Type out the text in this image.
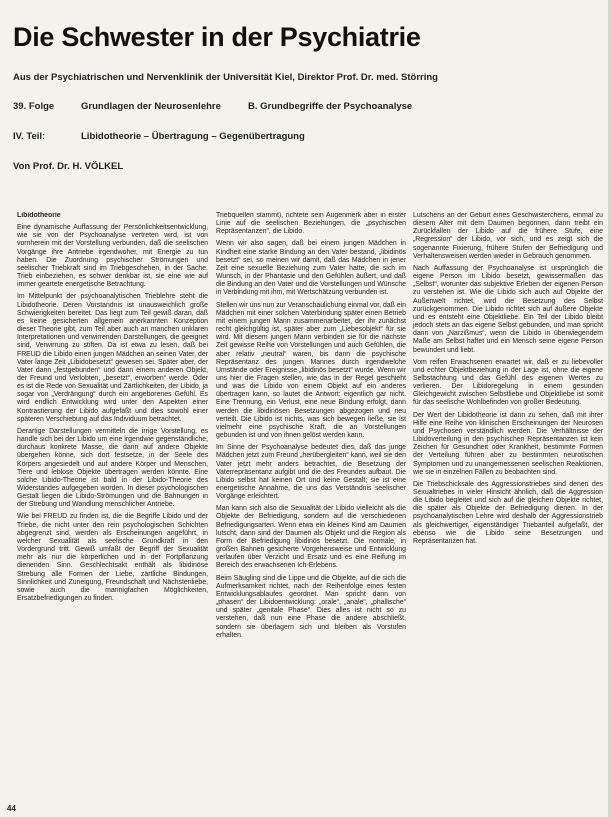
Die Schwester in der Psychiatrie
Aus der Psychiatrischen und Nervenklinik der Universität Kiel, Direktor Prof. Dr. med. Störring
39. Folge	Grundlagen der Neurosenlehre	B. Grundbegriffe der Psychoanalyse
IV. Teil:	Libidotheorie – Übertragung – Gegenübertragung
Von Prof. Dr. H. VÖLKEL

Libidotheorie

Eine dynamische Auffassung der Persönlichkeitsentwicklung, wie sie von der Psychoanalyse vertreten wird, ist von vornherein mit der Vorstellung verbunden, daß die seelischen Vorgänge ihre Antriebe irgendwoher, mit Energie zu tun haben. Die Zuordnung psychischer Strömungen und seelischer Triebkraft sind im Triebgeschehen, in der Sache. Trieb einbeziehen, es schwer denkbar ist, sie eine wie auf immer geartete energetische Betrachtung.

Im Mittelpunkt der psychoanalytischen Trieblehre steht die Libidotheorie. Deren Vorstandnis ist unausweichlich große Schwierigkeiten bereitet. Das liegt zum Teil gewiß daran, daß es keine gesicherten allgemein anerkannten Konzeption dieser Theorie gibt, zum Teil aber auch an manchen unklaren Interpretationen und verwirrenden Darstellungen, die geeignet sind, Verwirrung zu stiften. Da ist etwa zu lesen, daß bei FREUD die Libido einen jungen Mädchen an seinen Vater, der Vater lange Zeit „Libidobesetzt“ gewesen sei. Später aber, der Vater dann „festgebunden“ und dann einem anderen Objekt, der Freund und Verlobten, „besetzt“, erworben“ werde. Oder es ist die Rede von Sexualität und Zärtlichkeiten, der Libido, ja sogar von „Verdrängung“ durch ein angeborenes Gefühl. Es wird endlich Entwicklung wird unter den Aspekten einer Kontrastierung der Libido aufgefaßt und dies sowohl einer späteren Verschiebung auf das Individuum betrachtet.

Derartige Darstellungen vermitteln die irrige Vorstellung, es handle sich bei der Libido um eine irgendwie gegenständliche, durchaus konkrete Masse, die dann auf andere Objekte übergehen könne, sich dort festsetze, in der Seele des Körpers angesiedelt und auf andere Körper und Menschen, Tiere und leblose Objekte übertragen werden könnte. Eine solche Libido-Theorie ist bald in der Libido-Theorie des Widerstandes aufgegeben worden. In dieser psychologischen Gestalt liegen die Libido-Strömungen und die Bahnungen in der Strebung und Wandlung menschlicher Antriebe.

Wie bei FREUD zu finden ist, die die Begriffe Libido und der Triebe, die nicht unter den rein psychologischen Schichten abgegrenzt sind, werden als Erscheinungen angeführt, in welcher Sexualität als seelische Grundkraft in den Vordergrund tritt. Gewiß umfaßt der Begriff der Sexualität mehr als nur die körperlichen und in der Fortpflanzung dienenden Sinn. Geschlechtsakt enthält als libidinöse Strebung alle Formen der Liebe, zärtliche Bindungen, Sinnlichkeit und Zuneigung, Freundschaft und Nächstenliebe, sowie auch die mannigfachen Möglichkeiten, Ersatzbefriedigungen zu finden.

Triebquellen stammt), richtete sein Augenmerk aber in erster Linie auf die seelischen Beziehungen, die „psychischen Repräsentanzen“, die Libido.

Wenn wir also sagen, daß bei einem jungen Mädchen in Kindheit eine starke Bindung an den Vater bestand, „libidinös besetzt“ sei, so meinen wir damit, daß das Mädchen in jener Zeit eine sexuelle Beziehung zum Vater hatte, die sich im Wunsch, in der Phantasie und den Gefühlen äußert, und daß die Bindung an den Vater und die Vorstellungen und Wünsche in Verbindung mit ihm, mit Wertschätzung verbunden ist.

Stellen wir uns nun zur Veranschaulichung einmal vor, daß ein Mädchen mit einer solchen Vaterbindung später einen Betrieb mit einem jungen Mann zusammenarbeitet, der ihr zunächst recht gleichgültig ist, später aber zum „Liebesobjekt“ für sie wird. Mit diesem jungen Mann verbinden sie für die nächste Zeit gewisse Reihe von Vorstellungen und auch Gefühlen, die aber relativ „neutral“ waren, bis dann die psychische Repräsentanz des jungen Mannes durch irgendwelche Umstände oder Ereignisse „libidinös besetzt“ wurde. Wenn wir uns hier die Fragen stellen, wie das in der Regel geschieht und was die Libido von einem Objekt auf ein anderes übertragen kann, so lautet die Antwort: eigentlich gar nicht. Eine Trennung, ein Verlust, eine neue Bindung erfolgt, dann werden die libidinösen Besetzungen abgezogen und neu verteilt. Die Libido ist nichts, was sich bewegen ließe, sie ist vielmehr eine psychische Kraft, die an Vorstellungen gebunden ist und von ihnen gelöst werden kann.

Im Sinne der Psychoanalyse bedeutet dies, daß das junge Mädchen jetzt zum Freund „herübergleiten“ kann, weil sie den Vater jetzt mehr anders betrachtet, die Besetzung der Vaterrepräsentanz aufgibt und die des Freundes aufbaut. Die Libido selbst hat keinen Ort und keine Gestalt; sie ist eine energetische Annahme, die uns das Verständnis seelischer Vorgänge erleichtert.

Man kann sich also die Sexualität der Libido vielleicht als die Objekte der Befriedigung, sondern auf die verschiedenen Befriedigungsarten. Wenn etwa ein kleines Kind am Daumen lutscht, dann sind der Daumen als Objekt und die Region als Form der Befriedigung libidinös besetzt. Die normale, in großen Bahnen gesicherte Vorgehensweise und Entwicklung verlaufen über Verzicht und Ersatz und es eine Reifung im Bereich des erwachsenen Ich-Erlebens.

Beim Säugling sind die Lippe und die Objekte, auf die sich die Aufmerksamkeit richtet, nach der Reihenfolge eines festen Entwicklungsablaufes geordnet. Man spricht dann von „phasen“ der Libidoentwicklung: „orale“, „anale“, „phallische“ und später „genitale Phase“. Dies alles ist nicht so zu verstehen, daß nun eine Phase die andere abschließt, sondern sie überlagern sich und bleiben als Vorstufen erhalten.

Lutschens an der Geburt eines Geschwisterchens, einmal zu diesem Alter mit dem Daumen begonnen, dann treibt ein Zurückfallen der Libido auf die frühere Stufe, eine „Regression“ der Libido, vor sich, und es zeigt sich die sogenannte Fixierung, frühere Stufen der Befriedigung und Verhaltensweisen werden wieder in Gebrauch genommen.

Nach Auffassung der Psychoanalyse ist ursprünglich die eigene Person im Libido besetzt, gewissermaßen das „Selbst“, worunter das subjektive Erleben der eigenen Person zu verstehen ist. Wie die Libido sich auch auf Objekte der Außenwelt richtet, wird die Besetzung des Selbst zurückgenommen. Die Libido richtet sich auf äußere Objekte und es entsteht eine Objektliebe. Ein Teil der Libido bleibt jedoch stets an das eigene Selbst gebunden, und man spricht dann von „Narzißmus“, wenn die Libido in überwiegendem Maße am Selbst haftet und ein Mensch seine eigene Person bewundert und liebt.

Vom reifen Erwachsenen erwartet wir, daß er zu liebevoller und echter Objektbeziehung in der Lage ist, ohne die eigene Selbstachtung und das Gefühl des eigenen Wertes zu verlieren. Der Libidoregelung in einem gesunden Gleichgewicht zwischen Selbstliebe und Objektliebe ist somit für das seelische Wohlbefinden von großer Bedeutung.

Der Wert der Libidotheorie ist dann zu sehen, daß mit ihrer Hilfe eine Reihe von klinischen Erscheinungen der Neurosen und Psychosen verständlich werden. Die Verhältnisse der Libidoverteilung in den psychischen Repräsentanzen ist kein Zeichen für Gesundheit oder Krankheit, bestimmte Formen der Verteilung führen aber zu bestimmten neurotischen Symptomen und zu unangemessenen seelischen Reaktionen, wie sie in einzelnen Fällen zu beobachten sind.

Die Triebschicksale des Aggressionstriebes sind denen des Sexualtriebes in vieler Hinsicht ähnlich, daß die Aggression die Libido begleitet und sich auf die gleichen Objekte richtet, die später als Objekte der Befriedigung dienen. In der psychoanalytischen Lehre wird deshalb der Aggressionstrieb als gleichwertiger, eigenständiger Triebanteil aufgefaßt, der ebenso wie die Libido seine Besetzungen und Repräsentanzen hat.

44
